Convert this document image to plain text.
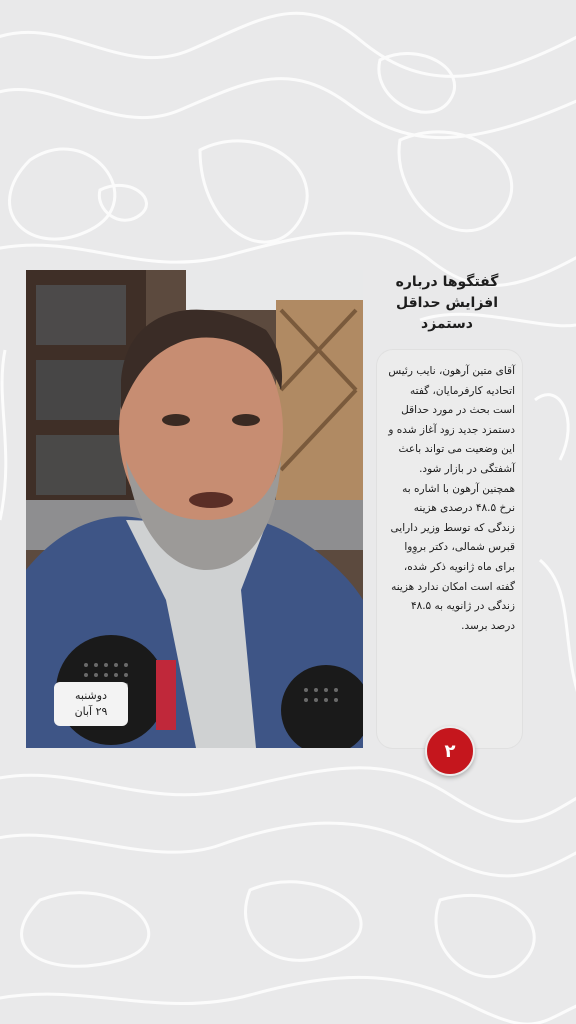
دوشنبه
۲۹ آبان
گفتگوها درباره افزایش حداقل دستمزد
آقای متین آرهون، نایب رئیس اتحادیه کارفرمایان، گفته است بحث در مورد حداقل دستمزد جدید زود آغاز شده و این وضعیت می تواند باعث آشفتگی در بازار شود. همچنین آرهون با اشاره به نرخ ۴۸.۵ درصدی هزینه زندگی که توسط وزیر دارایی قبرس شمالی، دکتر بروِوا برای ماه ژانویه ذکر شده، گفته است امکان ندارد هزینه زندگی در ژانویه به ۴۸.۵ درصد برسد.
۲
